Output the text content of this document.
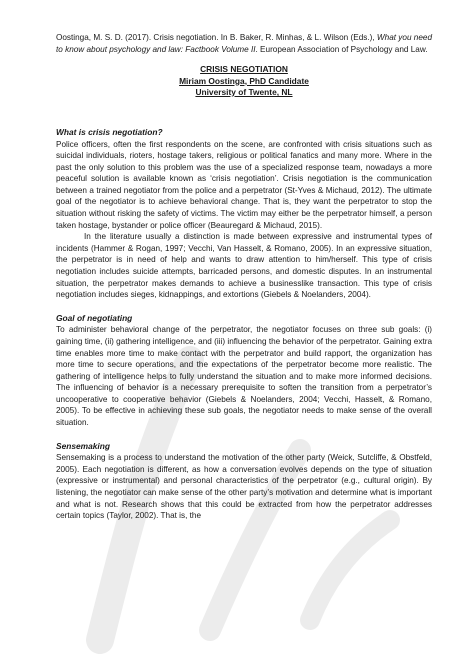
Oostinga, M. S. D. (2017). Crisis negotiation. In B. Baker, R. Minhas, & L. Wilson (Eds.), What you need to know about psychology and law: Factbook Volume II. European Association of Psychology and Law.

CRISIS NEGOTIATION
Miriam Oostinga, PhD Candidate
University of Twente, NL
What is crisis negotiation?

Police officers, often the first respondents on the scene, are confronted with crisis situations such as suicidal individuals, rioters, hostage takers, religious or political fanatics and many more. Where in the past the only solution to this problem was the use of a specialized response team, nowadays a more peaceful solution is available known as ‘crisis negotiation’. Crisis negotiation is the communication between a trained negotiator from the police and a perpetrator (St-Yves & Michaud, 2012). The ultimate goal of the negotiator is to achieve behavioral change. That is, they want the perpetrator to stop the situation without risking the safety of victims. The victim may either be the perpetrator himself, a person taken hostage, bystander or police officer (Beauregard & Michaud, 2015).

In the literature usually a distinction is made between expressive and instrumental types of incidents (Hammer & Rogan, 1997; Vecchi, Van Hasselt, & Romano, 2005). In an expressive situation, the perpetrator is in need of help and wants to draw attention to him/herself. This type of crisis negotiation includes suicide attempts, barricaded persons, and domestic disputes. In an instrumental situation, the perpetrator makes demands to achieve a businesslike transaction. This type of crisis negotiation includes sieges, kidnappings, and extortions (Giebels & Noelanders, 2004).

Goal of negotiating

To administer behavioral change of the perpetrator, the negotiator focuses on three sub goals: (i) gaining time, (ii) gathering intelligence, and (iii) influencing the behavior of the perpetrator. Gaining extra time enables more time to make contact with the perpetrator and build rapport, the organization has more time to secure operations, and the expectations of the perpetrator become more realistic. The gathering of intelligence helps to fully understand the situation and to make more informed decisions. The influencing of behavior is a necessary prerequisite to soften the transition from a perpetrator’s uncooperative to cooperative behavior (Giebels & Noelanders, 2004; Vecchi, Hasselt, & Romano, 2005). To be effective in achieving these sub goals, the negotiator needs to make sense of the overall situation.

Sensemaking

Sensemaking is a process to understand the motivation of the other party (Weick, Sutcliffe, & Obstfeld, 2005). Each negotiation is different, as how a conversation evolves depends on the type of situation (expressive or instrumental) and personal characteristics of the perpetrator (e.g., cultural origin). By listening, the negotiator can make sense of the other party’s motivation and determine what is important and what is not. Research shows that this could be extracted from how the perpetrator addresses certain topics (Taylor, 2002). That is, the
